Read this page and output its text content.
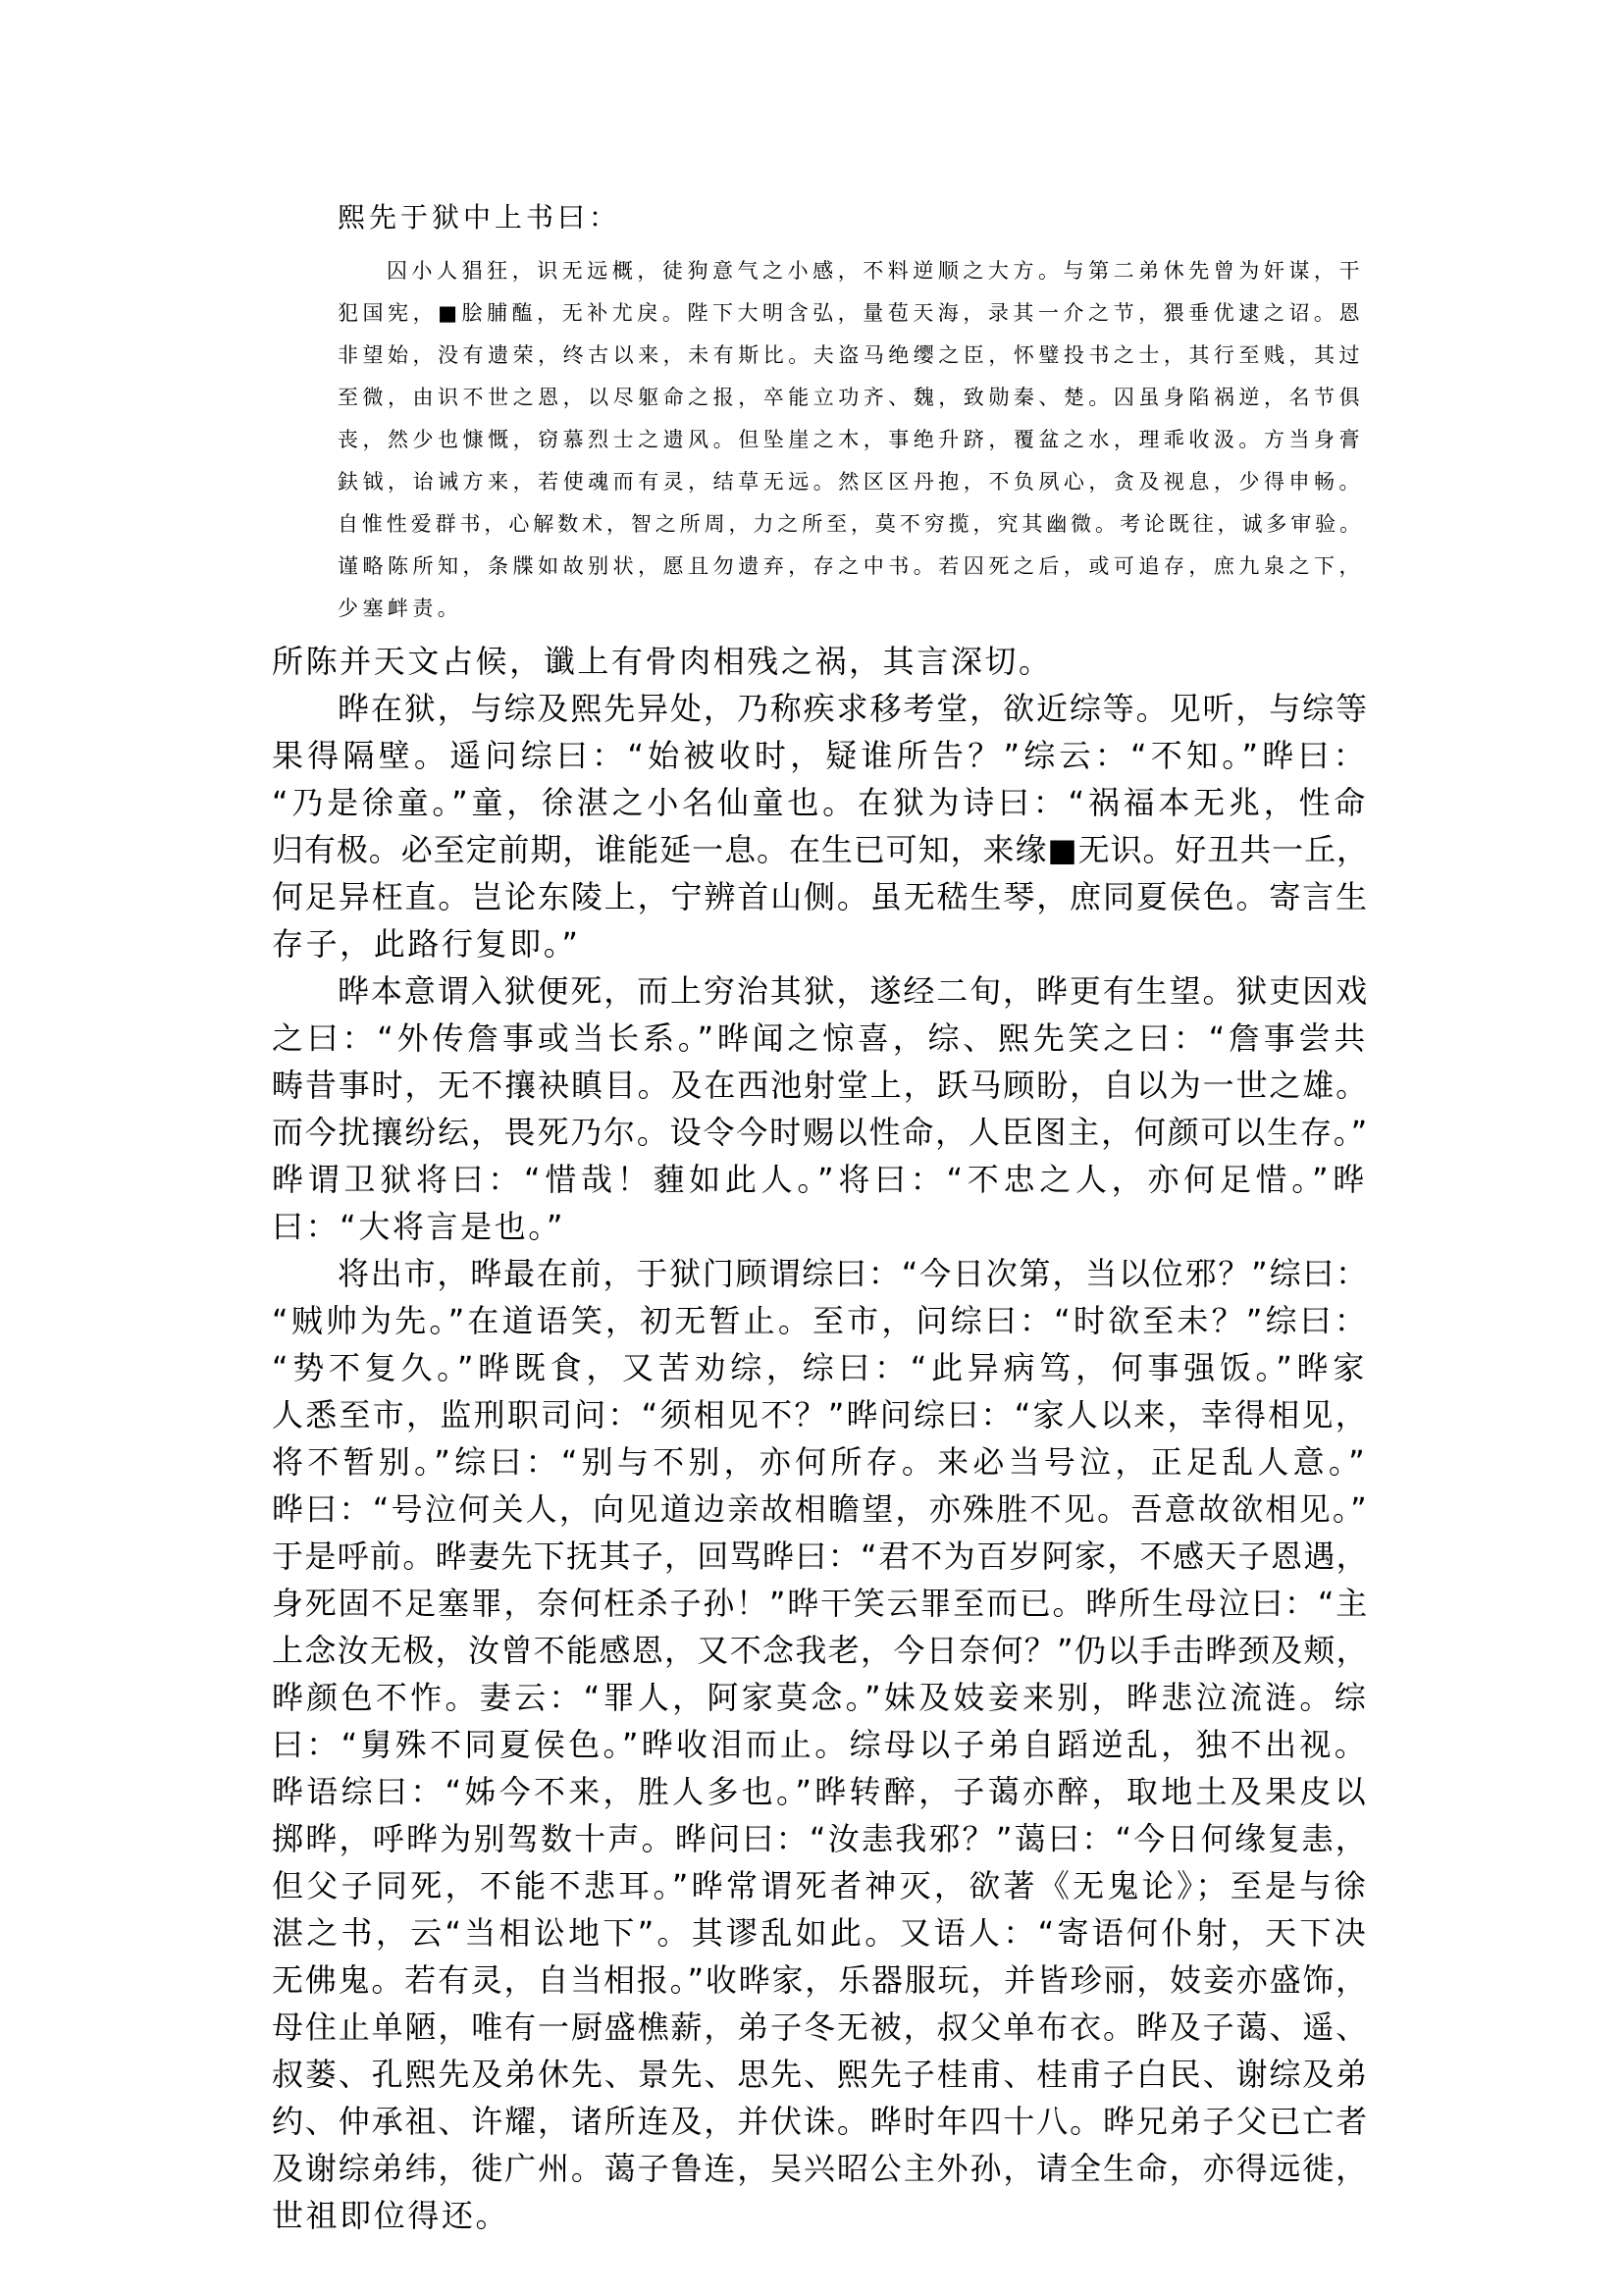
熙先于狱中上书曰：
囚小人猖狂，识无远概，徒狗意气之小感，不料逆顺之大方。与第二弟休先曾为奸谋，干
犯国宪，■脍脯醢，无补尤戾。陛下大明含弘，量苞天海，录其一介之节，猥垂优逮之诏。恩
非望始，没有遗荣，终古以来，未有斯比。夫盗马绝缨之臣，怀璧投书之士，其行至贱，其过
至微，由识不世之恩，以尽躯命之报，卒能立功齐、魏，致勋秦、楚。囚虽身陷祸逆，名节俱
丧，然少也慷慨，窃慕烈士之遗风。但坠崖之木，事绝升跻，覆盆之水，理乖收汲。方当身膏
鈇钺，诒诫方来，若使魂而有灵，结草无远。然区区丹抱，不负夙心，贪及视息，少得申畅。
自惟性爱群书，心解数术，智之所周，力之所至，莫不穷揽，究其幽微。考论既往，诚多审验。
谨略陈所知，条牒如故别状，愿且勿遗弃，存之中书。若囚死之后，或可追存，庶九泉之下，
少塞衅责。
所陈并天文占候，谶上有骨肉相残之祸，其言深切。
晔在狱，与综及熙先异处，乃称疾求移考堂，欲近综等。见听，与综等
果得隔壁。遥问综曰：“始被收时，疑谁所告？”综云：“不知。”晔曰：
“乃是徐童。”童，徐湛之小名仙童也。在狱为诗曰：“祸福本无兆，性命
归有极。必至定前期，谁能延一息。在生已可知，来缘■无识。好丑共一丘，
何足异枉直。岂论东陵上，宁辨首山侧。虽无嵇生琴，庶同夏侯色。寄言生
存子，此路行复即。”
晔本意谓入狱便死，而上穷治其狱，遂经二旬，晔更有生望。狱吏因戏
之曰：“外传詹事或当长系。”晔闻之惊喜，综、熙先笑之曰：“詹事尝共
畴昔事时，无不攘袂瞋目。及在西池射堂上，跃马顾盼，自以为一世之雄。
而今扰攘纷纭，畏死乃尔。设令今时赐以性命，人臣图主，何颜可以生存。”
晔谓卫狱将曰：“惜哉！薶如此人。”将曰：“不忠之人，亦何足惜。”晔
曰：“大将言是也。”
将出市，晔最在前，于狱门顾谓综曰：“今日次第，当以位邪？”综曰：
“贼帅为先。”在道语笑，初无暂止。至市，问综曰：“时欲至未？”综曰：
“势不复久。”晔既食，又苦劝综，综曰：“此异病笃，何事强饭。”晔家
人悉至市，监刑职司问：“须相见不？”晔问综曰：“家人以来，幸得相见，
将不暂别。”综曰：“别与不别，亦何所存。来必当号泣，正足乱人意。”
晔曰：“号泣何关人，向见道边亲故相瞻望，亦殊胜不见。吾意故欲相见。”
于是呼前。晔妻先下抚其子，回骂晔曰：“君不为百岁阿家，不感天子恩遇，
身死固不足塞罪，奈何枉杀子孙！”晔干笑云罪至而已。晔所生母泣曰：“主
上念汝无极，汝曾不能感恩，又不念我老，今日奈何？”仍以手击晔颈及颊，
晔颜色不怍。妻云：“罪人，阿家莫念。”妹及妓妾来别，晔悲泣流涟。综
曰：“舅殊不同夏侯色。”晔收泪而止。综母以子弟自蹈逆乱，独不出视。
晔语综曰：“姊今不来，胜人多也。”晔转醉，子蔼亦醉，取地土及果皮以
掷晔，呼晔为别驾数十声。晔问曰：“汝恚我邪？”蔼曰：“今日何缘复恚，
但父子同死，不能不悲耳。”晔常谓死者神灭，欲著《无鬼论》；至是与徐
湛之书，云“当相讼地下”。其谬乱如此。又语人：“寄语何仆射，天下决
无佛鬼。若有灵，自当相报。”收晔家，乐器服玩，并皆珍丽，妓妾亦盛饰，
母住止单陋，唯有一厨盛樵薪，弟子冬无被，叔父单布衣。晔及子蔼、遥、
叔蒌、孔熙先及弟休先、景先、思先、熙先子桂甫、桂甫子白民、谢综及弟
约、仲承祖、许耀，诸所连及，并伏诛。晔时年四十八。晔兄弟子父已亡者
及谢综弟纬，徙广州。蔼子鲁连，吴兴昭公主外孙，请全生命，亦得远徙，
世祖即位得还。
